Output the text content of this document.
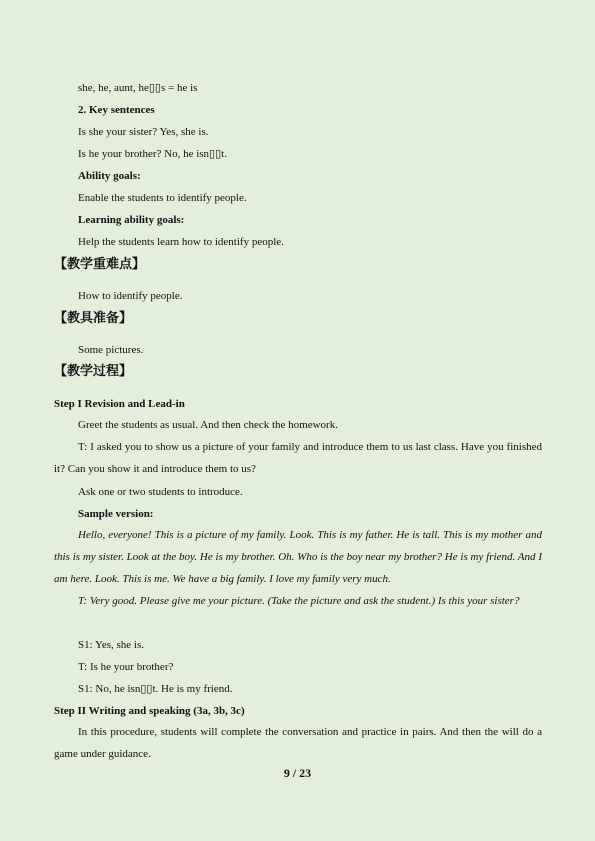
she, he, aunt, he▯▯s = he is
2. Key sentences
Is she your sister? Yes, she is.
Is he your brother? No, he isn▯▯t.
Ability goals:
Enable the students to identify people.
Learning ability goals:
Help the students learn how to identify people.
【教学重难点】
How to identify people.
【教具准备】
Some pictures.
【教学过程】
Step I Revision and Lead-in
Greet the students as usual. And then check the homework.
T: I asked you to show us a picture of your family and introduce them to us last class. Have you finished it? Can you show it and introduce them to us?
Ask one or two students to introduce.
Sample version:
Hello, everyone! This is a picture of my family. Look. This is my father. He is tall. This is my mother and this is my sister. Look at the boy. He is my brother. Oh. Who is the boy near my brother? He is my friend. And I am here. Look. This is me. We have a big family. I love my family very much.
T: Very good. Please give me your picture. (Take the picture and ask the student.) Is this your sister?
S1: Yes, she is.
T: Is he your brother?
S1: No, he isn▯▯t. He is my friend.
Step II Writing and speaking (3a, 3b, 3c)
In this procedure, students will complete the conversation and practice in pairs. And then the will do a game under guidance.
9 / 23
